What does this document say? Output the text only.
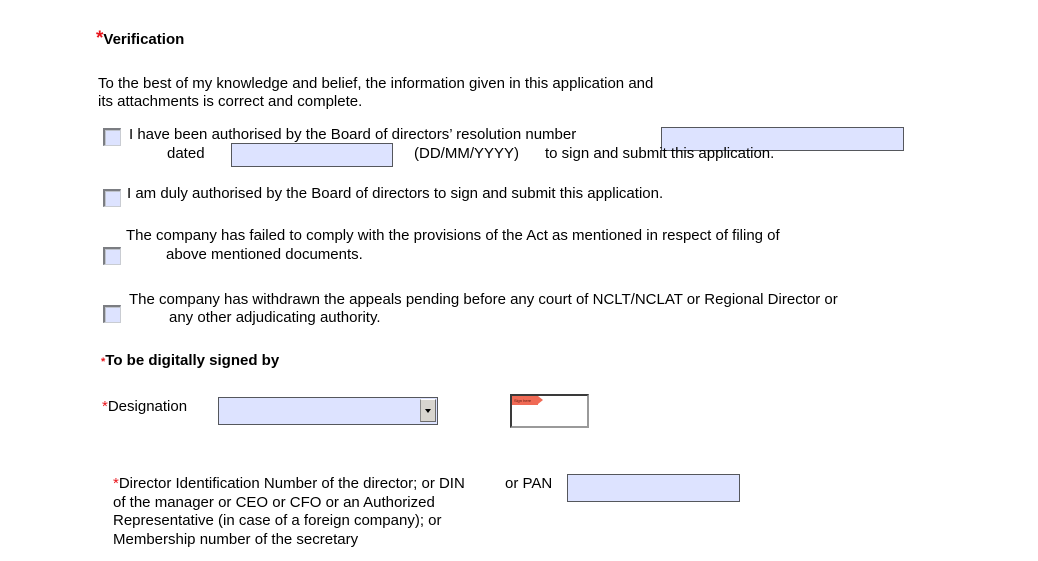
*Verification
To the best of my knowledge and belief, the information given in this application and
its attachments is correct and complete.
I have been authorised by the Board of directors’ resolution number
dated	(DD/MM/YYYY) to sign and submit this application.
I am duly authorised by the Board of directors to sign and submit this application.
The company has failed to comply with the provisions of the Act as mentioned in respect of filing of
above mentioned documents.
The company has withdrawn the appeals pending before any court of NCLT/NCLAT or Regional Director or
any other adjudicating authority.
*To be digitally signed by
*Designation	Sign here
*Director Identification Number of the director; or DIN
of the manager or CEO or CFO or an Authorized
Representative (in case of a foreign company); or
Membership number of the secretary
or PAN
